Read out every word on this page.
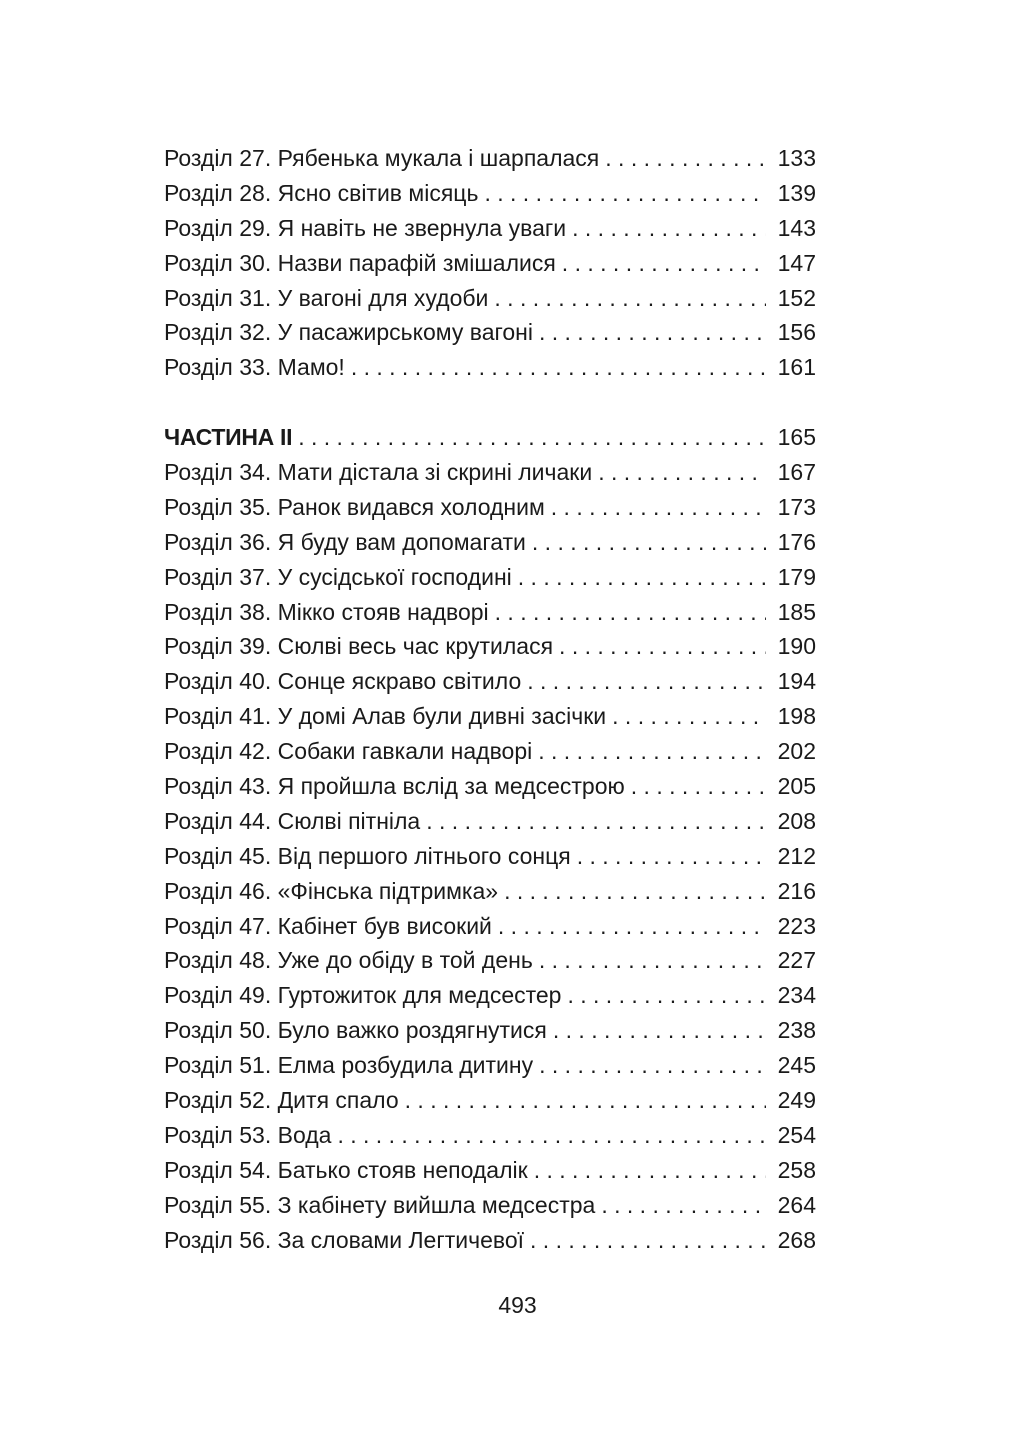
Розділ 27. Рябенька мукала і шарпалася . . .	133
Розділ 28. Ясно світив місяць . . .	139
Розділ 29. Я навіть не звернула уваги . . .	143
Розділ 30. Назви парафій змішалися . . .	147
Розділ 31. У вагоні для худоби . . .	152
Розділ 32. У пасажирському вагоні . . .	156
Розділ 33. Мамо! . . .	161
ЧАСТИНА II . . .	165
Розділ 34. Мати дістала зі скрині личаки . . .	167
Розділ 35. Ранок видався холодним . . .	173
Розділ 36. Я буду вам допомагати . . .	176
Розділ 37. У сусідської господині . . .	179
Розділ 38. Мікко стояв надворі . . .	185
Розділ 39. Сюлві весь час крутилася . . .	190
Розділ 40. Сонце яскраво світило . . .	194
Розділ 41. У домі Алав були дивні засічки . . .	198
Розділ 42. Собаки гавкали надворі . . .	202
Розділ 43. Я пройшла вслід за медсестрою . . .	205
Розділ 44. Сюлві пітніла . . .	208
Розділ 45. Від першого літнього сонця . . .	212
Розділ 46. «Фінська підтримка» . . .	216
Розділ 47. Кабінет був високий . . .	223
Розділ 48. Уже до обіду в той день . . .	227
Розділ 49. Гуртожиток для медсестер . . .	234
Розділ 50. Було важко роздягнутися . . .	238
Розділ 51. Елма розбудила дитину . . .	245
Розділ 52. Дитя спало . . .	249
Розділ 53. Вода . . .	254
Розділ 54. Батько стояв неподалік . . .	258
Розділ 55. З кабінету вийшла медсестра . . .	264
Розділ 56. За словами Легтичевої . . .	268
493
